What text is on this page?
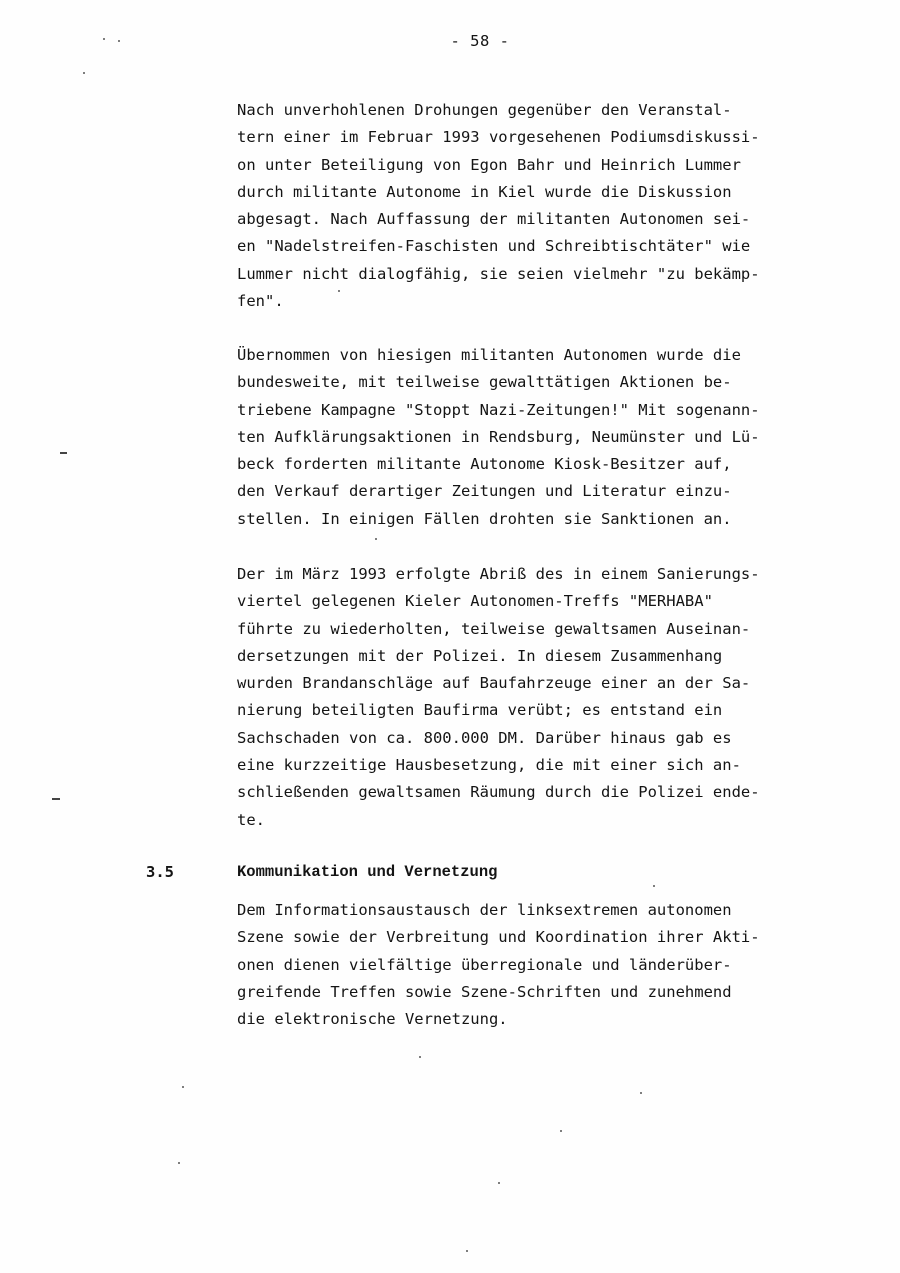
- 58 -
Nach unverhohlenen Drohungen gegenüber den Veranstal-
tern einer im Februar 1993 vorgesehenen Podiumsdiskussi-
on unter Beteiligung von Egon Bahr und Heinrich Lummer
durch militante Autonome in Kiel wurde die Diskussion
abgesagt. Nach Auffassung der militanten Autonomen sei-
en "Nadelstreifen-Faschisten und Schreibtischtäter" wie
Lummer nicht dialogfähig, sie seien vielmehr "zu bekämp-
fen".
Übernommen von hiesigen militanten Autonomen wurde die
bundesweite, mit teilweise gewalttätigen Aktionen be-
triebene Kampagne "Stoppt Nazi-Zeitungen!" Mit sogenann-
ten Aufklärungsaktionen in Rendsburg, Neumünster und Lü-
beck forderten militante Autonome Kiosk-Besitzer auf,
den Verkauf derartiger Zeitungen und Literatur einzu-
stellen. In einigen Fällen drohten sie Sanktionen an.
Der im März 1993 erfolgte Abriß des in einem Sanierungs-
viertel gelegenen Kieler Autonomen-Treffs "MERHABA"
führte zu wiederholten, teilweise gewaltsamen Auseinan-
dersetzungen mit der Polizei. In diesem Zusammenhang
wurden Brandanschläge auf Baufahrzeuge einer an der Sa-
nierung beteiligten Baufirma verübt; es entstand ein
Sachschaden von ca. 800.000 DM. Darüber hinaus gab es
eine kurzzeitige Hausbesetzung, die mit einer sich an-
schließenden gewaltsamen Räumung durch die Polizei ende-
te.
3.5	Kommunikation und Vernetzung
Dem Informationsaustausch der linksextremen autonomen
Szene sowie der Verbreitung und Koordination ihrer Akti-
onen dienen vielfältige überregionale und länderüber-
greifende Treffen sowie Szene-Schriften und zunehmend
die elektronische Vernetzung.
